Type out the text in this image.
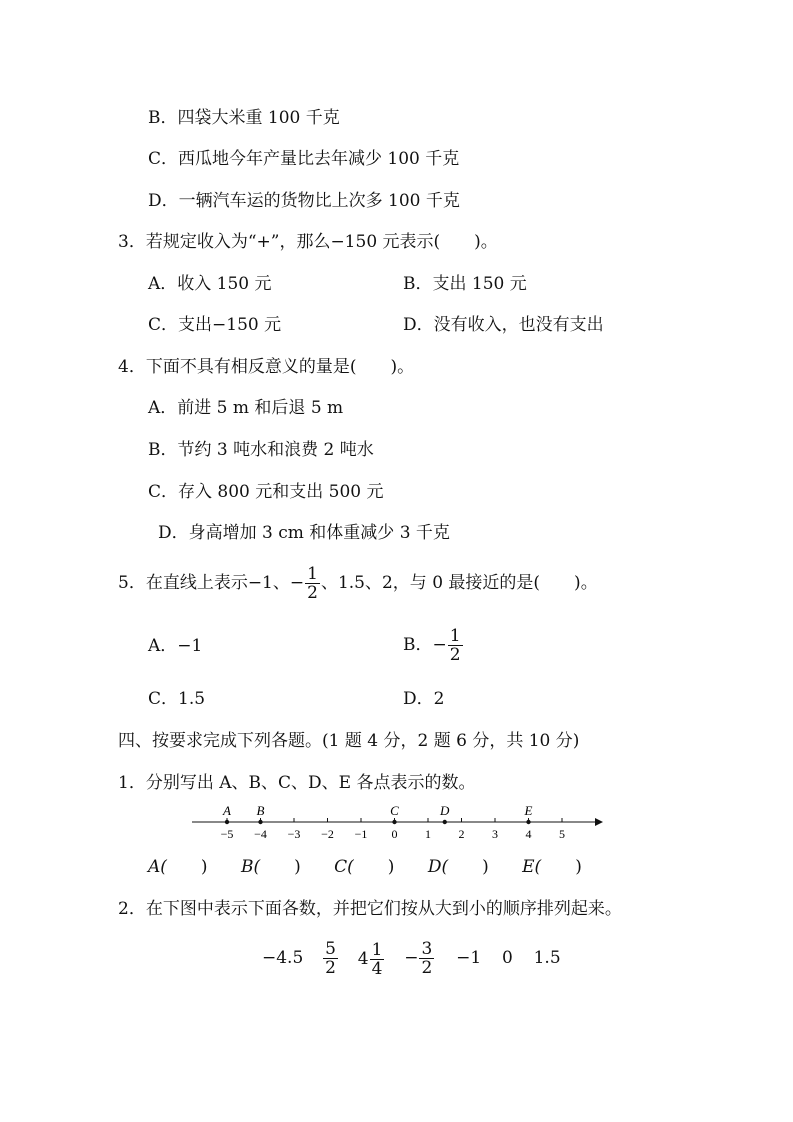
B．四袋大米重 100 千克
C．西瓜地今年产量比去年减少 100 千克
D．一辆汽车运的货物比上次多 100 千克
3．若规定收入为“+”，那么−150 元表示(　　)。
A．收入 150 元	B．支出 150 元
C．支出−150 元	D．没有收入，也没有支出
4．下面不具有相反意义的量是(　　)。
A．前进 5 m 和后退 5 m
B．节约 3 吨水和浪费 2 吨水
C．存入 800 元和支出 500 元
D．身高增加 3 cm 和体重减少 3 千克
5．在直线上表示−1、− $\frac{1}{2}$ 、1.5、2，与 0 最接近的是(　　)。
A．−1	B．− $\frac{1}{2}$
C．1.5	D．2
四、按要求完成下列各题。(1 题 4 分，2 题 6 分，共 10 分)
1．分别写出 A、B、C、D、E 各点表示的数。
−5 −4 −3 −2 −1 0 1 2 3 4 5
A B	C	D	E
A( ) B( ) C( ) D( ) E( )
2．在下图中表示下面各数，并把它们按从大到小的顺序排列起来。
$-4.5 \frac{5}{2} 4 \frac{1}{4} - \frac{3}{2} -1$ 0 1.5
